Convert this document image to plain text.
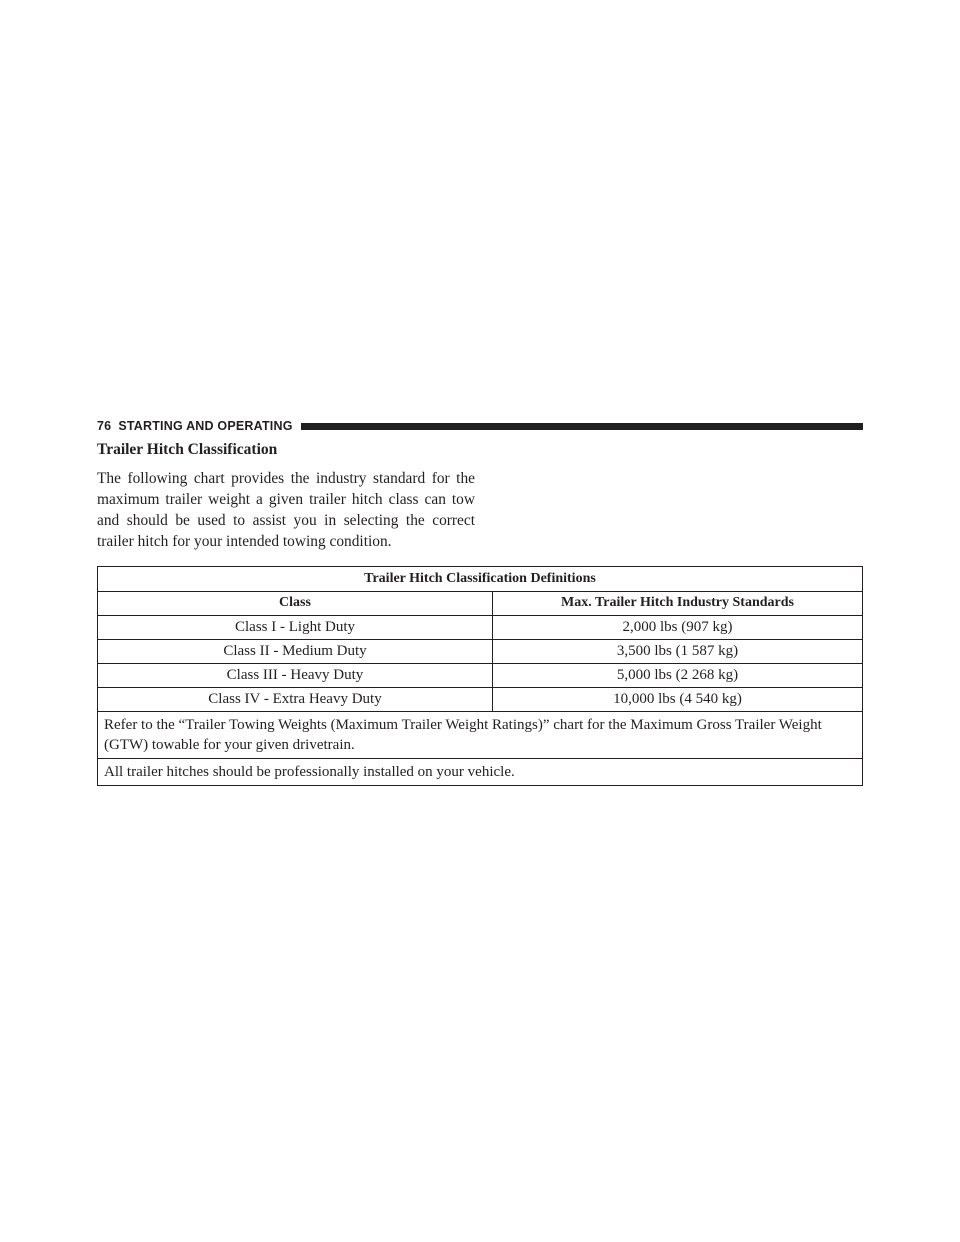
76 STARTING AND OPERATING
Trailer Hitch Classification

The following chart provides the industry standard for the maximum trailer weight a given trailer hitch class can tow and should be used to assist you in selecting the correct trailer hitch for your intended towing condition.

Trailer Hitch Classification Definitions	
Class	Max. Trailer Hitch Industry Standards
Class I - Light Duty	2,000 lbs (907 kg)
Class II - Medium Duty	3,500 lbs (1 587 kg)
Class III - Heavy Duty	5,000 lbs (2 268 kg)
Class IV - Extra Heavy Duty	10,000 lbs (4 540 kg)
Refer to the “Trailer Towing Weights (Maximum Trailer Weight Ratings)” chart for the Maximum Gross Trailer Weight (GTW) towable for your given drivetrain.	
All trailer hitches should be professionally installed on your vehicle.	
